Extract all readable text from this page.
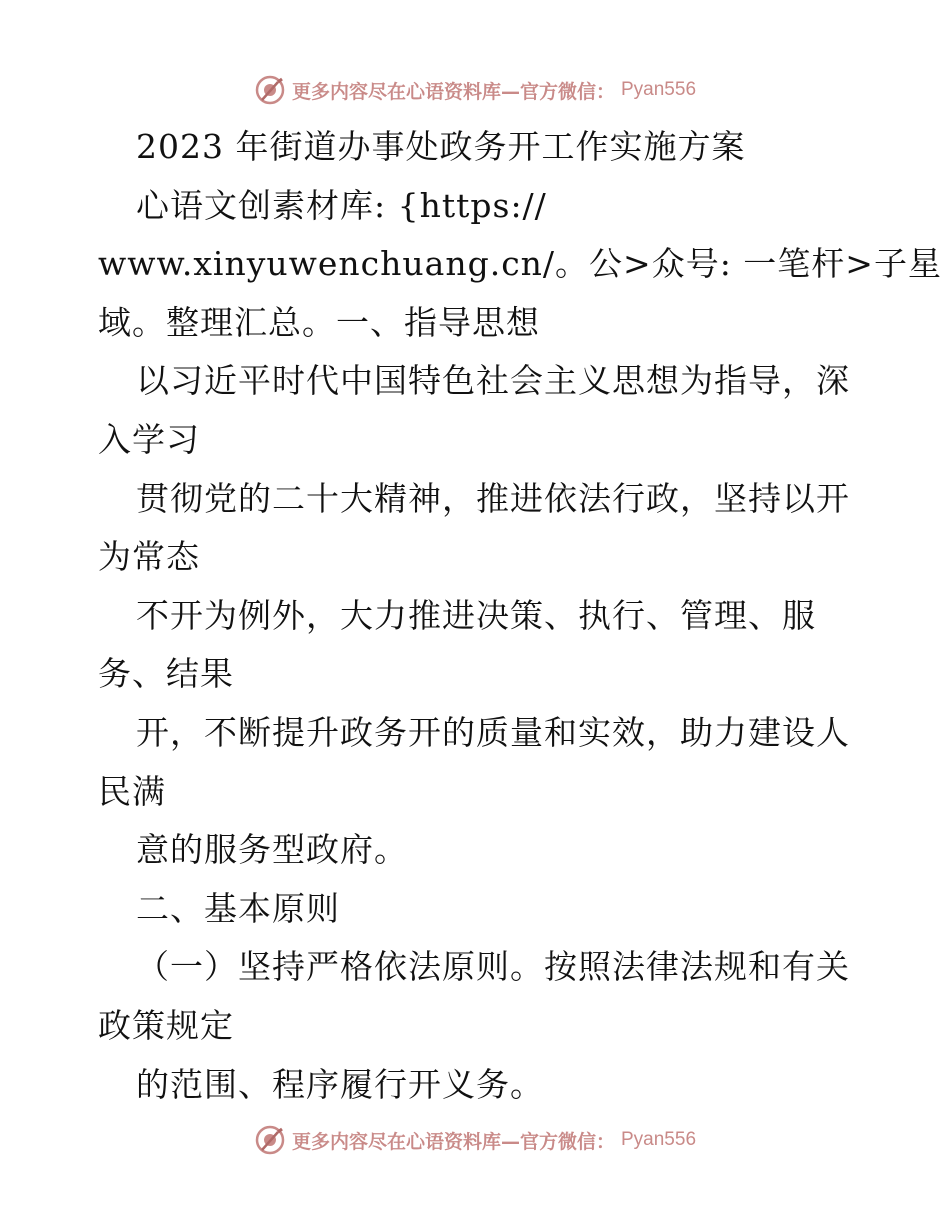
更多内容尽在心语资料库—官方微信： Pyan556
2023 年街道办事处政务开工作实施方案
心语文创素材库: {https://
www.xinyuwenchuang.cn/。公>众号: 一笔杆>子星
域。整理汇总。一、指导思想
以习近平时代中国特色社会主义思想为指导，深
入学习
贯彻党的二十大精神，推进依法行政，坚持以开
为常态
不开为例外，大力推进决策、执行、管理、服
务、结果
开，不断提升政务开的质量和实效，助力建设人
民满
意的服务型政府。
二、基本原则
（一）坚持严格依法原则。按照法律法规和有关
政策规定
的范围、程序履行开义务。
更多内容尽在心语资料库—官方微信： Pyan556
